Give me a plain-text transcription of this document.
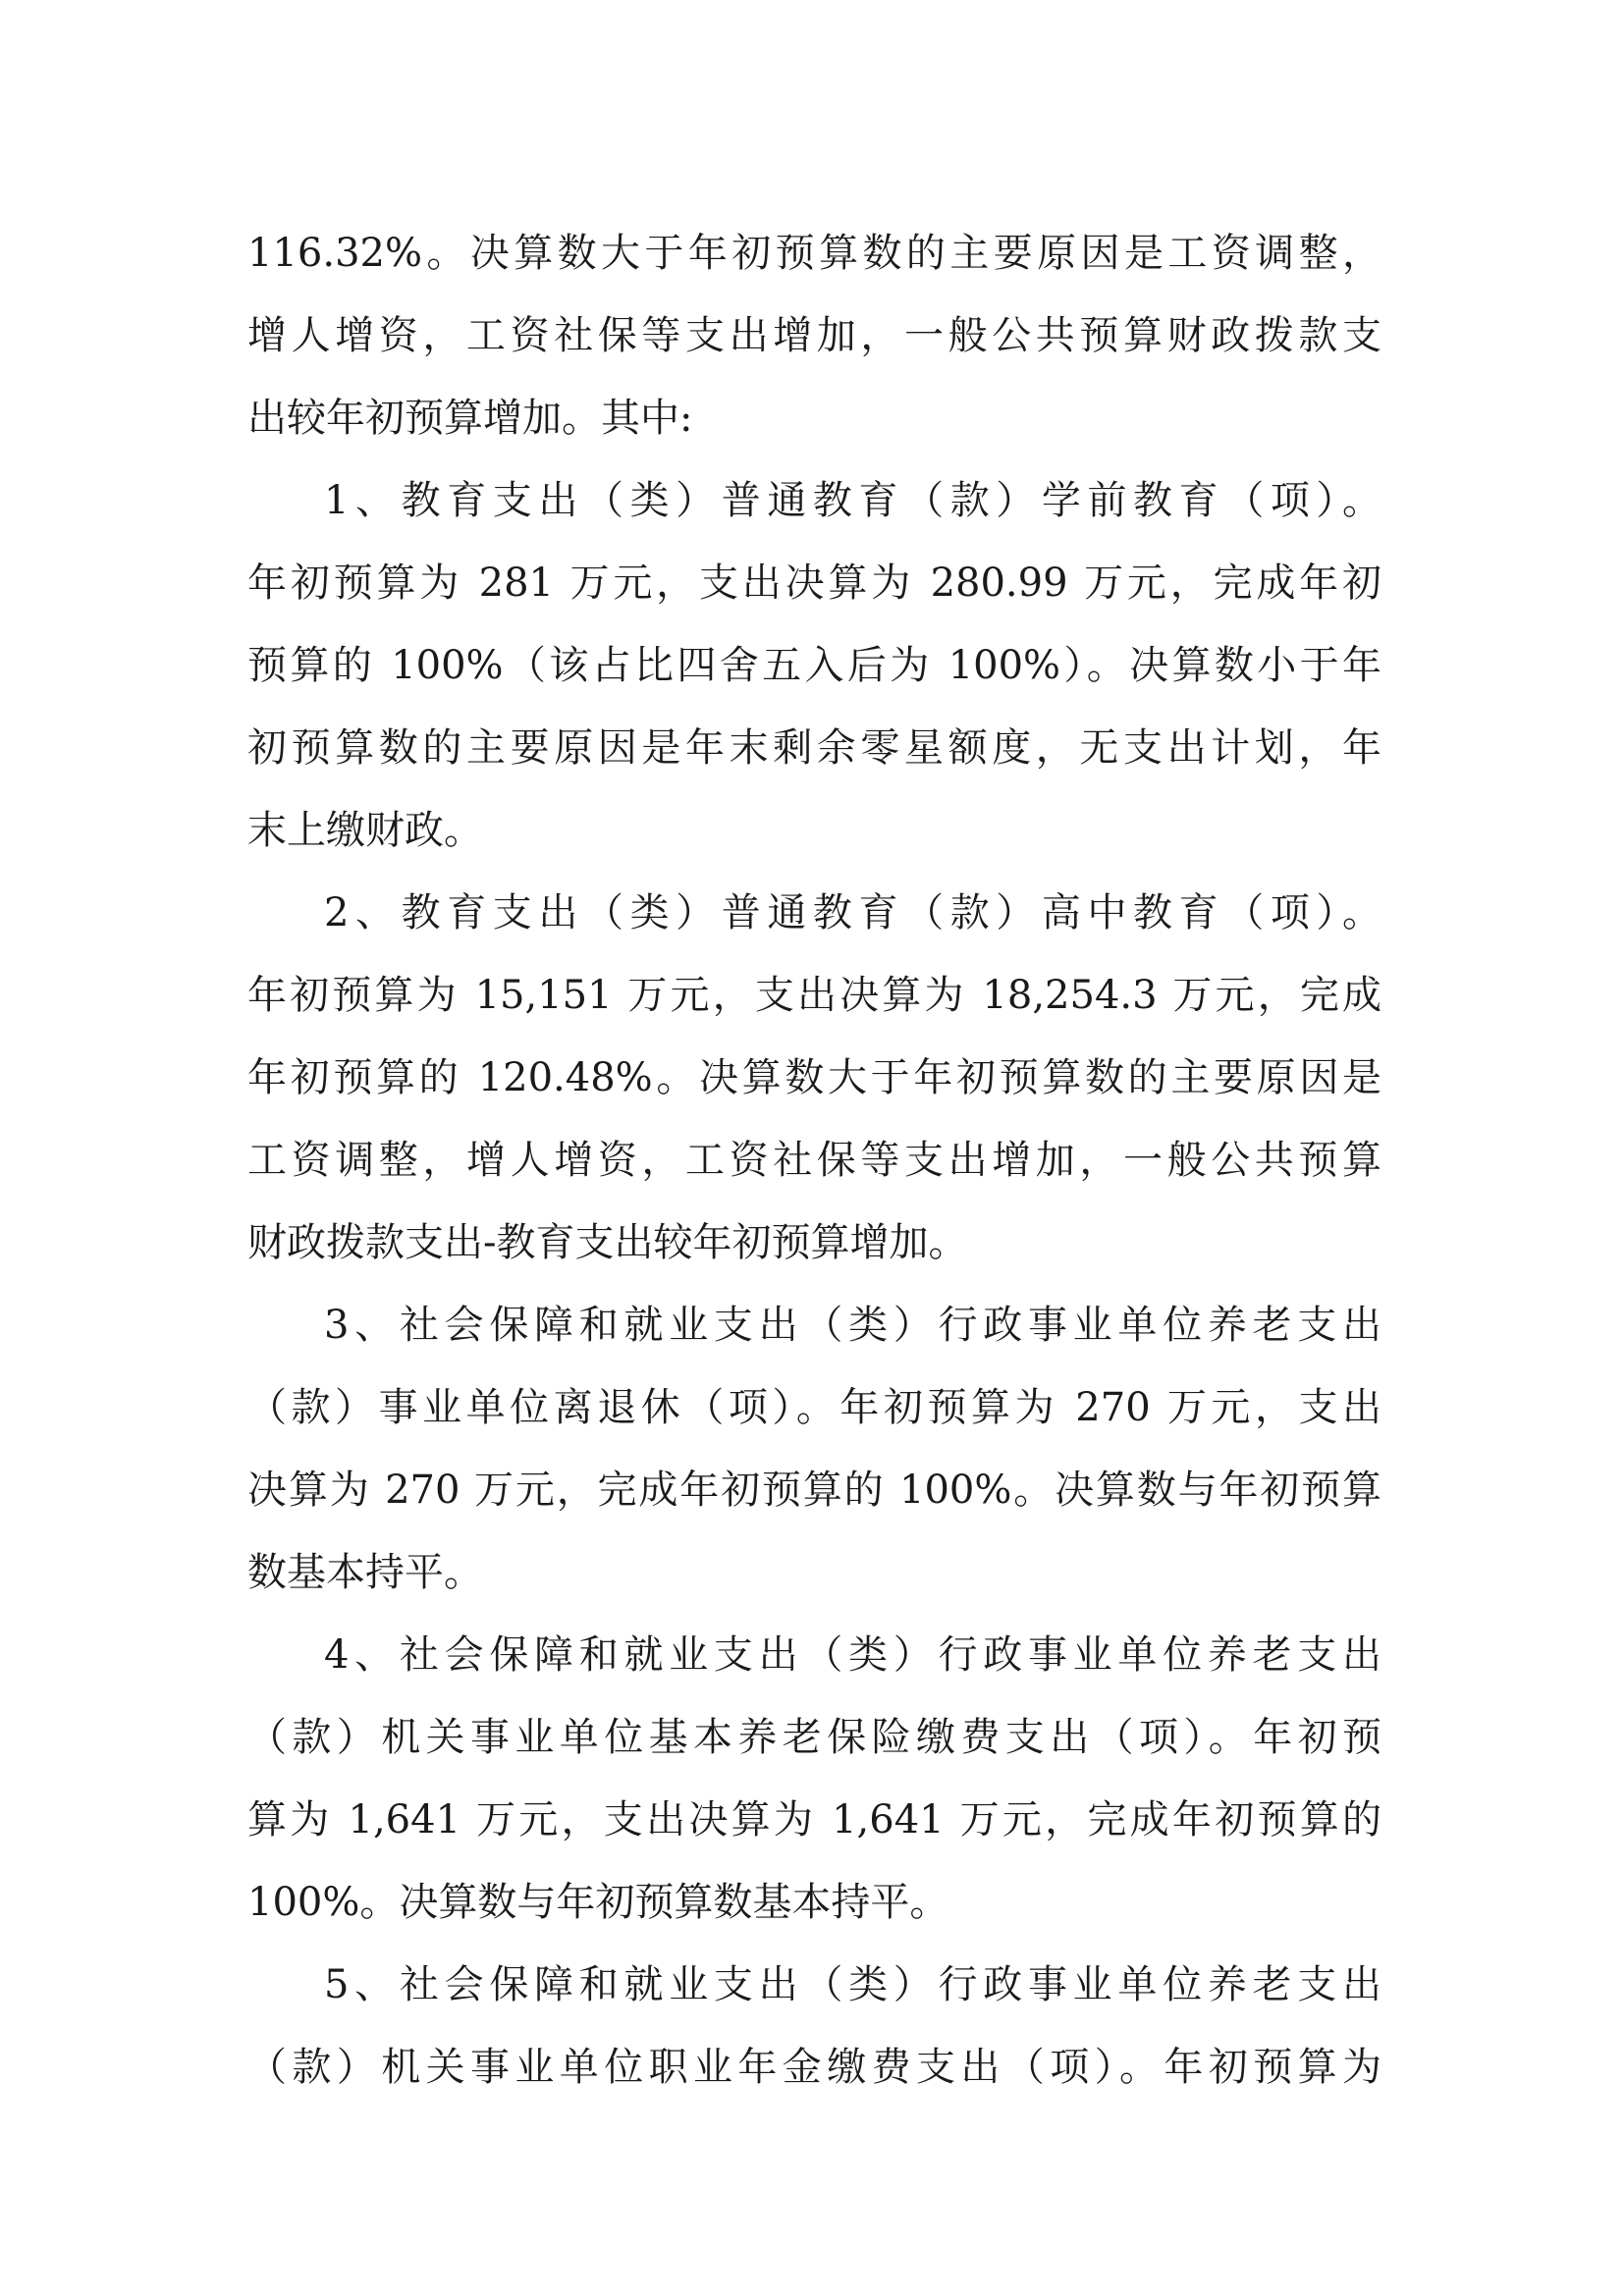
116.32%。决算数大于年初预算数的主要原因是工资调整，
增人增资，工资社保等支出增加，一般公共预算财政拨款支
出较年初预算增加。其中:
1、教育支出（类）普通教育（款）学前教育（项）。
年初预算为 281 万元，支出决算为 280.99 万元，完成年初
预算的 100%（该占比四舍五入后为 100%）。决算数小于年
初预算数的主要原因是年末剩余零星额度，无支出计划，年
末上缴财政。
2、教育支出（类）普通教育（款）高中教育（项）。
年初预算为 15,151 万元，支出决算为 18,254.3 万元，完成
年初预算的 120.48%。决算数大于年初预算数的主要原因是
工资调整，增人增资，工资社保等支出增加，一般公共预算
财政拨款支出-教育支出较年初预算增加。
3、社会保障和就业支出（类）行政事业单位养老支出
（款）事业单位离退休（项）。年初预算为 270 万元，支出
决算为 270 万元，完成年初预算的 100%。决算数与年初预算
数基本持平。
4、社会保障和就业支出（类）行政事业单位养老支出
（款）机关事业单位基本养老保险缴费支出（项）。年初预
算为 1,641 万元，支出决算为 1,641 万元，完成年初预算的
100%。决算数与年初预算数基本持平。
5、社会保障和就业支出（类）行政事业单位养老支出
（款）机关事业单位职业年金缴费支出（项）。年初预算为
